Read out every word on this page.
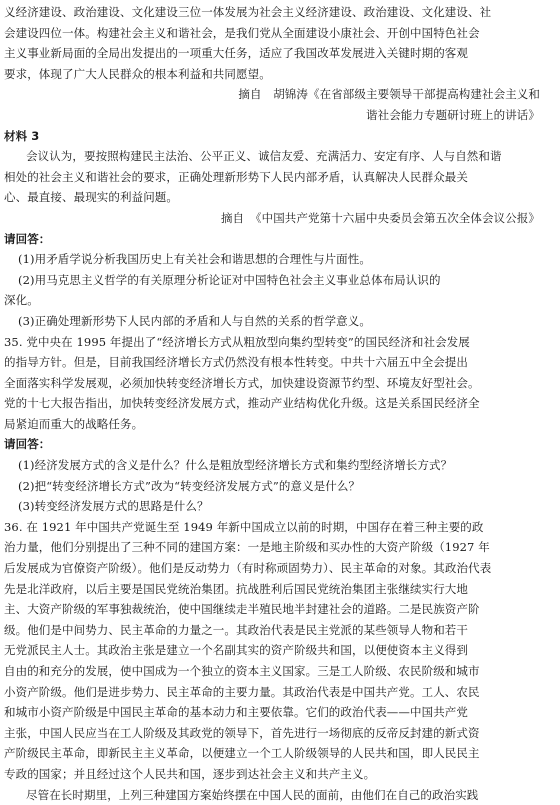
义经济建设、政治建设、文化建设三位一体发展为社会主义经济建设、政治建设、文化建设、社
会建设四位一体。构建社会主义和谐社会，是我们党从全面建设小康社会、开创中国特色社会
主义事业新局面的全局出发提出的一项重大任务，适应了我国改革发展进入关键时期的客观
要求，体现了广大人民群众的根本利益和共同愿望。
摘自　胡锦涛《在省部级主要领导干部提高构建社会主义和
谐社会能力专题研讨班上的讲话》
材料 3
会议认为，要按照构建民主法治、公平正义、诚信友爱、充满活力、安定有序、人与自然和谐
相处的社会主义和谐社会的要求，正确处理新形势下人民内部矛盾，认真解决人民群众最关
心、最直接、最现实的利益问题。
摘自　《中国共产党第十六届中央委员会第五次全体会议公报》
请回答：
(1)用矛盾学说分析我国历史上有关社会和谐思想的合理性与片面性。
(2)用马克思主义哲学的有关原理分析论证对中国特色社会主义事业总体布局认识的
深化。
(3)正确处理新形势下人民内部的矛盾和人与自然的关系的哲学意义。
35. 党中央在 1995 年提出了“经济增长方式从粗放型向集约型转变”的国民经济和社会发展
的指导方针。但是，目前我国经济增长方式仍然没有根本性转变。中共十六届五中全会提出
全面落实科学发展观，必须加快转变经济增长方式，加快建设资源节约型、环境友好型社会。
党的十七大报告指出，加快转变经济发展方式，推动产业结构优化升级。这是关系国民经济全
局紧迫而重大的战略任务。
请回答：
(1)经济发展方式的含义是什么？什么是粗放型经济增长方式和集约型经济增长方式？
(2)把“转变经济增长方式”改为“转变经济发展方式”的意义是什么？
(3)转变经济发展方式的思路是什么？
36. 在 1921 年中国共产党诞生至 1949 年新中国成立以前的时期，中国存在着三种主要的政
治力量，他们分别提出了三种不同的建国方案：一是地主阶级和买办性的大资产阶级（1927 年
后发展成为官僚资产阶级）。他们是反动势力（有时称顽固势力）、民主革命的对象。其政治代表
先是北洋政府，以后主要是国民党统治集团。抗战胜利后国民党统治集团主张继续实行大地
主、大资产阶级的军事独裁统治，使中国继续走半殖民地半封建社会的道路。二是民族资产阶
级。他们是中间势力、民主革命的力量之一。其政治代表是民主党派的某些领导人物和若干
无党派民主人士。其政治主张是建立一个名副其实的资产阶级共和国，以便使资本主义得到
自由的和充分的发展，使中国成为一个独立的资本主义国家。三是工人阶级、农民阶级和城市
小资产阶级。他们是进步势力、民主革命的主要力量。其政治代表是中国共产党。工人、农民
和城市小资产阶级是中国民主革命的基本动力和主要依靠。它们的政治代表——中国共产党
主张，中国人民应当在工人阶级及其政党的领导下，首先进行一场彻底的反帝反封建的新式资
产阶级民主革命，即新民主主义革命，以便建立一个工人阶级领导的人民共和国，即人民民主
专政的国家；并且经过这个人民共和国，逐步到达社会主义和共产主义。
尽管在长时期里，上列三种建国方案始终摆在中国人民的面前，由他们在自己的政治实践
